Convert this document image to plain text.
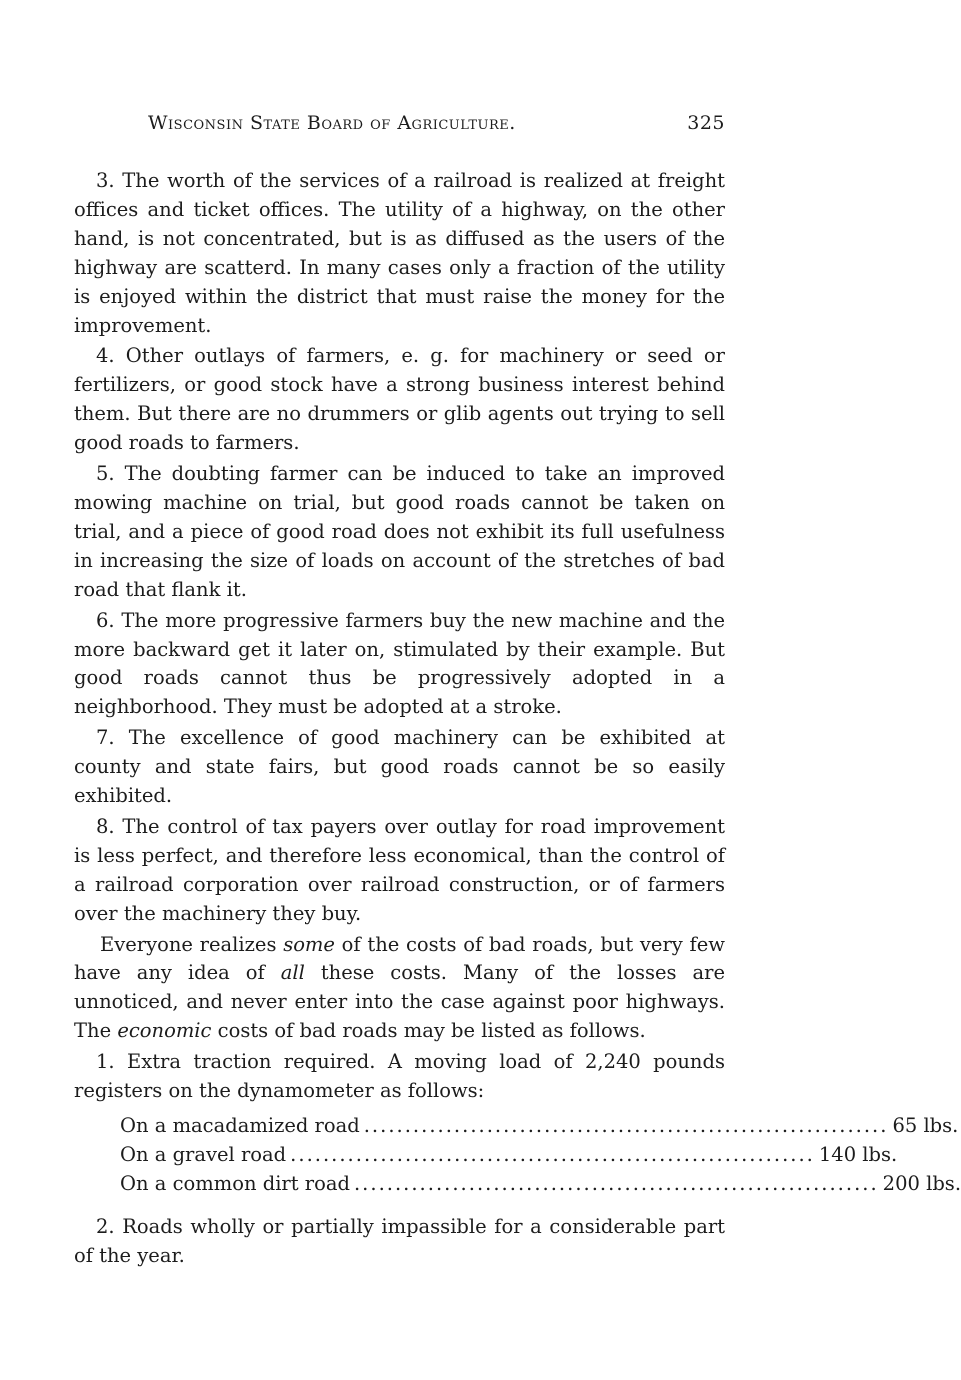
Wisconsin State Board of Agriculture.	325

3. The worth of the services of a railroad is realized at freight offices and ticket offices. The utility of a highway, on the other hand, is not concentrated, but is as diffused as the users of the highway are scatterd. In many cases only a fraction of the utility is enjoyed within the district that must raise the money for the improvement.

4. Other outlays of farmers, e. g. for machinery or seed or fertilizers, or good stock have a strong business interest behind them. But there are no drummers or glib agents out trying to sell good roads to farmers.

5. The doubting farmer can be induced to take an improved mowing machine on trial, but good roads cannot be taken on trial, and a piece of good road does not exhibit its full usefulness in increasing the size of loads on account of the stretches of bad road that flank it.

6. The more progressive farmers buy the new machine and the more backward get it later on, stimulated by their example. But good roads cannot thus be progressively adopted in a neighborhood. They must be adopted at a stroke.

7. The excellence of good machinery can be exhibited at county and state fairs, but good roads cannot be so easily exhibited.

8. The control of tax payers over outlay for road improvement is less perfect, and therefore less economical, than the control of a railroad corporation over railroad construction, or of farmers over the machinery they buy.

Everyone realizes some of the costs of bad roads, but very few have any idea of all these costs. Many of the losses are unnoticed, and never enter into the case against poor highways. The economic costs of bad roads may be listed as follows.

1. Extra traction required. A moving load of 2,240 pounds registers on the dynamometer as follows:

On a macadamized road ................................................................ 65 lbs.
On a gravel road ................................................................ 140 lbs.
On a common dirt road ................................................................ 200 lbs.

2. Roads wholly or partially impassible for a considerable part of the year.
